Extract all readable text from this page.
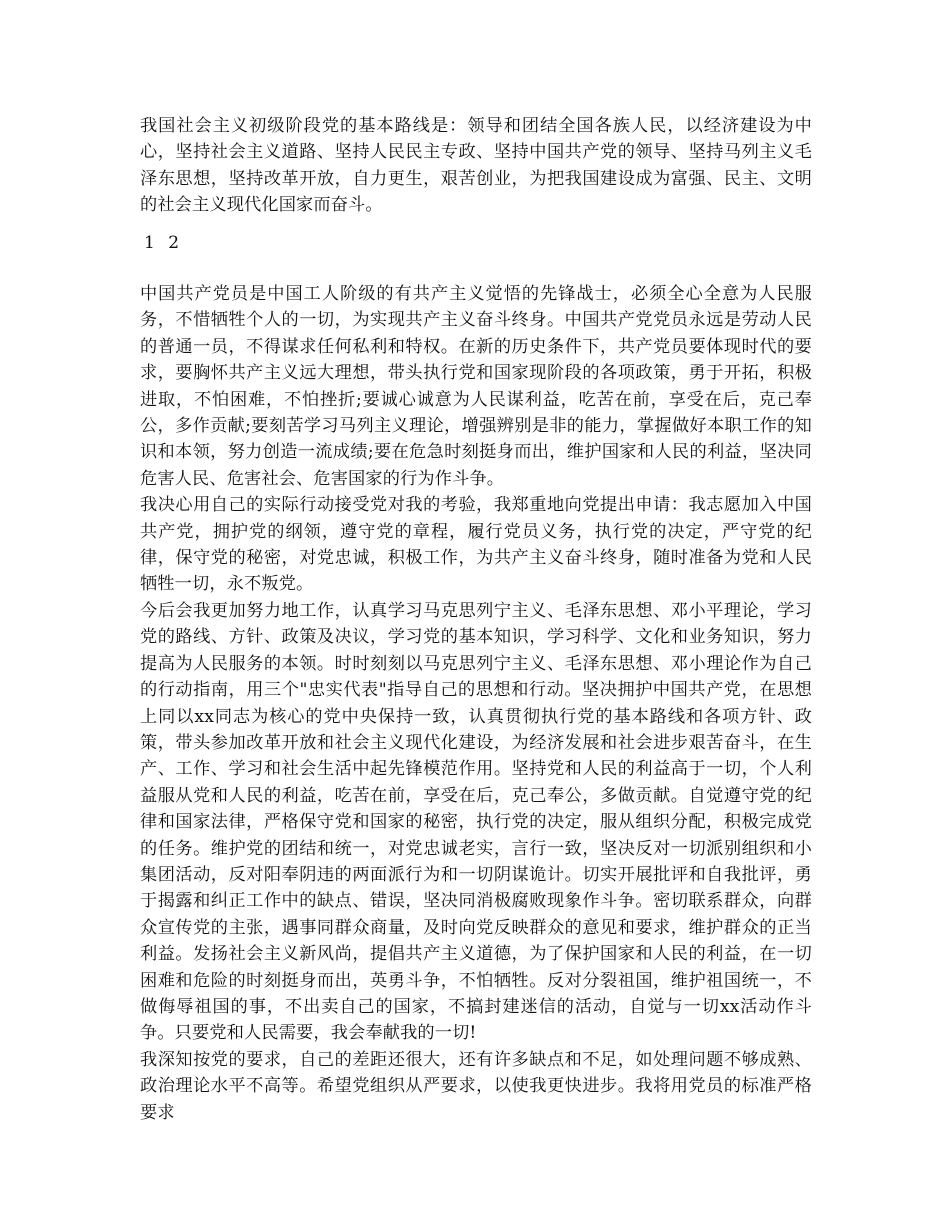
我国社会主义初级阶段党的基本路线是：领导和团结全国各族人民，以经济建设为中心，坚持社会主义道路、坚持人民民主专政、坚持中国共产党的领导、坚持马列主义毛泽东思想，坚持改革开放，自力更生，艰苦创业，为把我国建设成为富强、民主、文明的社会主义现代化国家而奋斗。

1 2

中国共产党员是中国工人阶级的有共产主义觉悟的先锋战士，必须全心全意为人民服务，不惜牺牲个人的一切，为实现共产主义奋斗终身。中国共产党党员永远是劳动人民的普通一员，不得谋求任何私利和特权。在新的历史条件下，共产党员要体现时代的要求，要胸怀共产主义远大理想，带头执行党和国家现阶段的各项政策，勇于开拓，积极进取，不怕困难，不怕挫折;要诚心诚意为人民谋利益，吃苦在前，享受在后，克己奉公，多作贡献;要刻苦学习马列主义理论，增强辨别是非的能力，掌握做好本职工作的知识和本领，努力创造一流成绩;要在危急时刻挺身而出，维护国家和人民的利益，坚决同危害人民、危害社会、危害国家的行为作斗争。

我决心用自己的实际行动接受党对我的考验，我郑重地向党提出申请：我志愿加入中国共产党，拥护党的纲领，遵守党的章程，履行党员义务，执行党的决定，严守党的纪律，保守党的秘密，对党忠诚，积极工作，为共产主义奋斗终身，随时准备为党和人民牺牲一切，永不叛党。

今后会我更加努力地工作，认真学习马克思列宁主义、毛泽东思想、邓小平理论，学习党的路线、方针、政策及决议，学习党的基本知识，学习科学、文化和业务知识，努力提高为人民服务的本领。时时刻刻以马克思列宁主义、毛泽东思想、邓小理论作为自己的行动指南，用三个"忠实代表"指导自己的思想和行动。坚决拥护中国共产党，在思想上同以xx同志为核心的党中央保持一致，认真贯彻执行党的基本路线和各项方针、政策，带头参加改革开放和社会主义现代化建设，为经济发展和社会进步艰苦奋斗，在生产、工作、学习和社会生活中起先锋模范作用。坚持党和人民的利益高于一切，个人利益服从党和人民的利益，吃苦在前，享受在后，克己奉公，多做贡献。自觉遵守党的纪律和国家法律，严格保守党和国家的秘密，执行党的决定，服从组织分配，积极完成党的任务。维护党的团结和统一，对党忠诚老实，言行一致，坚决反对一切派别组织和小集团活动，反对阳奉阴违的两面派行为和一切阴谋诡计。切实开展批评和自我批评，勇于揭露和纠正工作中的缺点、错误，坚决同消极腐败现象作斗争。密切联系群众，向群众宣传党的主张，遇事同群众商量，及时向党反映群众的意见和要求，维护群众的正当利益。发扬社会主义新风尚，提倡共产主义道德，为了保护国家和人民的利益，在一切困难和危险的时刻挺身而出，英勇斗争，不怕牺牲。反对分裂祖国，维护祖国统一，不做侮辱祖国的事，不出卖自己的国家，不搞封建迷信的活动，自觉与一切xx活动作斗争。只要党和人民需要，我会奉献我的一切!

我深知按党的要求，自己的差距还很大，还有许多缺点和不足，如处理问题不够成熟、政治理论水平不高等。希望党组织从严要求，以使我更快进步。我将用党员的标准严格要求
